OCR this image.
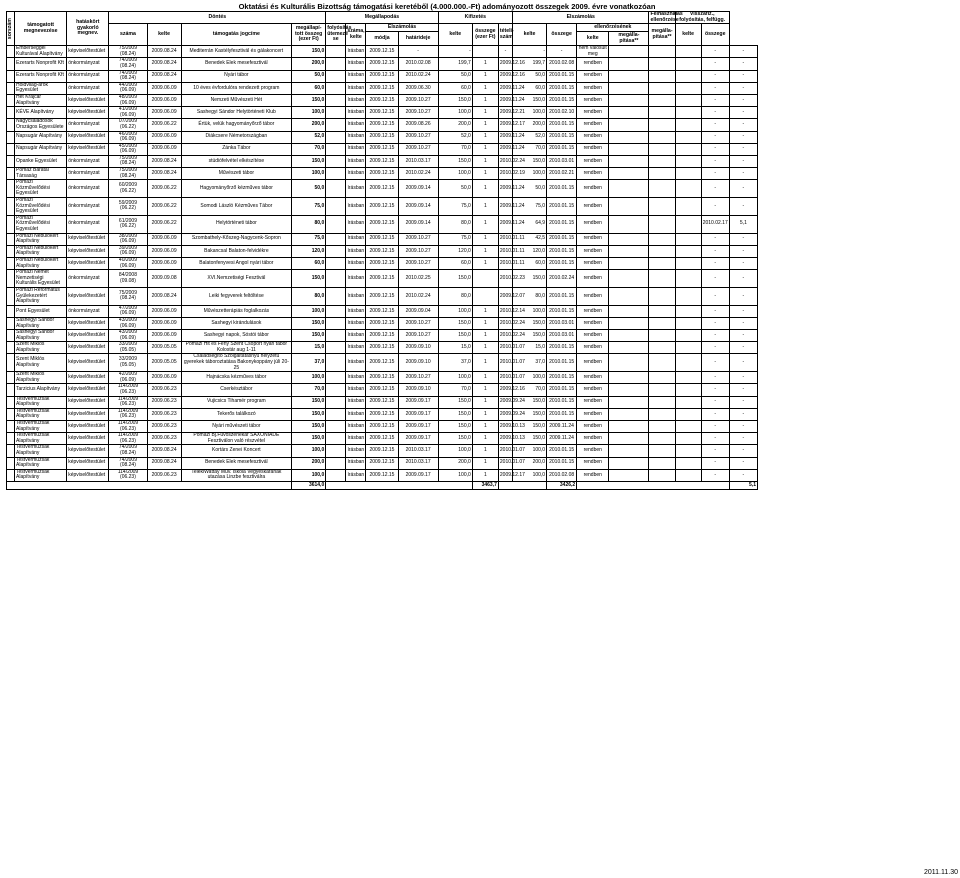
Oktatási és Kulturális Bizottság támogatási keretéből (4.000.000.-Ft) adományozott összegek 2009. évre vonatkozóan
sorszám	támogatott megnevezése	hatáskört gyakorló megnev.	Döntés				Megállapodás				Kifizetés			Elszámolás				Felhasználás ellenőrzése	Visszafiz., folyósítás, felfügg.		
			száma	kelte	támogatás jogcíme	megállapí-tott összeg (ezer Ft)	folyósítás ütemezé se	száma, kelte	Elszámolás		kelte	összege (ezer Ft)	tételi- szám	kelte	összege	ellenőrzésének		megálla- pítása**	kelte	összege	
									módja	határideje						kelte	megálla- pítása**				
	Emberséggel Kulturával Alapítvány	képviselőtestület	75/2009 (08.24)	2009.08.24	Mediterrán Kastélyfesztivál és gálakoncert	150,0		írásban	2009.12.15	-	-		-	-	-	nem valósult meg				-	-
	Ezerarts Nonprofit Kft	önkormányzat	74/2009 (08.24)	2009.08.24	Benedek Elek mesefesztivál	200,0		írásban	2009.12.15	2010.02.08	199,7	1	2009.12.16	199,7	2010.02.08	rendben				-	-
	Ezerarts Nonprofit Kft	önkormányzat	74/2009 (08.24)	2009.08.24	Nyári tábor	50,0		írásban	2009.12.15	2010.02.24	50,0	1	2009.12.16	50,0	2010.01.15	rendben				-	-
	Holdvilág-árok Egyesület	önkormányzat	44/2009 (06.09)	2009.06.09	10 éves évfordulóra rendezett program	60,0		írásban	2009.12.15	2009.06.30	60,0	1	2009.11.24	60,0	2010.01.15	rendben				-	-
	Hét Krajcár Alapítvány	képviselőtestület	48/2009 (06.09)	2009.06.09	Nemzeti Művészeti Hét	150,0		írásban	2009.12.15	2009.10.27	150,0	1	2009.11.24	150,0	2010.01.15	rendben				-	-
	KÉVE Alapítvány	képviselőtestület	41/2009 (06.09)	2009.06.09	Sashegyi Sándor Helytörténeti Klub	100,0		írásban	2009.12.15	2009.10.27	100,0	1	2009.12.21	100,0	2010.02.10	rendben				-	-
	Nagycsaládosok Országos Egyesülete	önkormányzat	07/2009 (06.22)	2009.06.22	Értük, velük hagyományőrző tábor	200,0		írásban	2009.12.15	2009.08.26	200,0	1	2009.12.17	200,0	2010.01.15	rendben				-	-
	Napsugár Alapítvány	képviselőtestület	46/2009 (06.09)	2009.06.09	Diákcsere Németországban	52,0		írásban	2009.12.15	2009.10.27	52,0	1	2009.11.24	52,0	2010.01.15	rendben				-	-
	Napsugár Alapítvány	képviselőtestület	45/2009 (06.09)	2009.06.09	Zánka Tábor	70,0		írásban	2009.12.15	2009.10.27	70,0	1	2009.11.24	70,0	2010.01.15	rendben				-	-
	Opanke Egyesület	önkormányzat	75/2009 (08.24)	2009.08.24	stúdiófelvétel elkészítése	150,0		írásban	2009.12.15	2010.03.17	150,0	1	2010.02.24	150,0	2010.03.01	rendben				-	-
	Pomáz Barátai Társaság	önkormányzat	75/2009 (08.24)	2009.08.24	Művészeti tábor	100,0		írásban	2009.12.15	2010.02.24	100,0	1	2010.02.19	100,0	2010.02.21	rendben				-	-
	Pomázi Közművelődési Egyesület	önkormányzat	60/2009 (06.22)	2009.06.22	Hagyományőrző kézműves tábor	50,0		írásban	2009.12.15	2009.09.14	50,0	1	2009.11.24	50,0	2010.01.15	rendben				-	-
	Pomázi Közművelődési Egyesület	önkormányzat	59/2009 (06.22)	2009.06.22	Somodi László Kézműves Tábor	75,0		írásban	2009.12.15	2009.09.14	75,0	1	2009.11.24	75,0	2010.01.15	rendben				-	-
	Pomázi Közművelődési Egyesület	önkormányzat	61/2009 (06.22)	2009.06.22	Helytörténeti tábor	80,0		írásban	2009.12.15	2009.09.14	80,0	1	2009.11.24	64,9	2010.01.15	rendben				2010.02.17	5,1
	Pomázi Nebulókért Alapítvány	képviselőtestület	38/2009 (06.09)	2009.06.09	Szombathely-Kőszeg-Nagycenk-Sopron	75,0		írásban	2009.12.15	2009.10.27	75,0	1	2010.01.11	42,5	2010.01.15	rendben				-	-
	Pomázi Nebulókért Alapítvány	képviselőtestület	39/2009 (06.09)	2009.06.09	Bakancsal Balaton-felvidékre	120,0		írásban	2009.12.15	2009.10.27	120,0	1	2010.01.11	120,0	2010.01.15	rendben				-	-
	Pomázi Nebulókért Alapítvány	képviselőtestület	40/2009 (06.09)	2009.06.09	Balatonfenyvesi Angol nyári tábor	60,0		írásban	2009.12.15	2009.10.27	60,0	1	2010.01.11	60,0	2010.01.15	rendben				-	-
	Pomázi Német Nemzetiségi Kulturális Egyesület	önkormányzat	84/2008 (09.08)	2009.09.08	XVI.Nemzetiségi Fesztivál	150,0		írásban	2009.12.15	2010.02.25	150,0		2010.02.23	150,0	2010.02.24	rendben				-	-
	Pomázi Református Gyülekezetért Alapítvány	képviselőtestület	75/2009 (08.24)	2009.08.24	Leiki fegyverek feltöltése	80,0		írásban	2009.12.15	2010.02.24	80,0		2009.12.07	80,0	2010.01.15	rendben				-	-
	Pont Egyesület	önkormányzat	47/2009 (06.09)	2009.06.09	Művészetterápiás foglalkozás	100,0		írásban	2009.12.15	2009.09.04	100,0	1	2010.12.14	100,0	2010.01.15	rendben				-	-
	Sashegyi Sándor Alapítvány	képviselőtestület	43/2009 (06.09)	2009.06.09	Sashegyi kirándulások	150,0		írásban	2009.12.15	2009.10.27	150,0	1	2010.02.24	150,0	2010.03.01	rendben				-	-
	Sashegyi Sándor Alapítvány	képviselőtestület	43/2009 (06.09)	2009.06.09	Sashegyi napok, Sóstói tábor	150,0		írásban	2009.12.15	2009.10.27	150,0	1	2010.02.24	150,0	2010.03.01	rendben				-	-
	Szent Miklós Alapítvány	képviselőtestület	33/2009 (05.05)	2009.05.05	Pomázi Hit és Fény Szent Csoport nyári tábor Kolostár aug 1-11	15,0		írásban	2009.12.15	2009.09.10	15,0	1	2010.01.07	15,0	2010.01.15	rendben				-	-
	Szent Miklós Alapítvány	képviselőtestület	33/2009 (05.05)	2009.05.05	Családsegítő Szolgáltatásnyú helyzetű gyerekek táboroztatása Bakonykoppány júli 20-25	37,0		írásban	2009.12.15	2009.09.10	37,0	1	2010.01.07	37,0	2010.01.15	rendben				-	-
	Szent Miklós Alapítvány	képviselőtestület	42/2009 (06.09)	2009.06.09	Hajnácska kézműves tábor	100,0		írásban	2009.12.15	2009.10.27	100,0	1	2010.01.07	100,0	2010.01.15	rendben				-	-
	Tarzicius Alapítvány	képviselőtestület	114/2009 (06.23)	2009.06.23	Cserkésztábor	70,0		írásban	2009.12.15	2009.09.10	70,0	1	2009.12.16	70,0	2010.01.15	rendben				-	-
	Testvérmúzsák Alapítvány	képviselőtestület	114/2009 (06.23)	2009.06.23	Vujicsics Tihamér program	150,0		írásban	2009.12.15	2009.09.17	150,0	1	2009.09.24	150,0	2010.01.15	rendben				-	-
	Testvérmúzsák Alapítvány	képviselőtestület	114/2009 (06.23)	2009.06.23	Tekerős találkozó	150,0		írásban	2009.12.15	2009.09.17	150,0	1	2009.09.24	150,0	2010.01.15	rendben				-	-
	Testvérmúzsák Alapítvány	képviselőtestület	114/2009 (06.23)	2009.06.23	Nyári művészeti tábor	150,0		írásban	2009.12.15	2009.09.17	150,0	1	2009.10.13	150,0	2009.11.24	rendben				-	-
	Testvérmúzsák Alapítvány	képviselőtestület	114/2009 (06.23)	2009.06.23	Pomázi Bj.Fúvószenekar SAXONIADE Fesztiválon való részvétel	150,0		írásban	2009.12.15	2009.09.17	150,0	1	2009.10.13	150,0	2009.11.24	rendben				-	-
	Testvérmúzsák Alapítvány	képviselőtestület	74/2009 (08.24)	2009.08.24	Kortárs Zenei Koncert	100,0		írásban	2009.12.15	2010.03.17	100,0	1	2010.01.07	100,0	2010.01.15	rendben				-	-
	Testvérmúzsák Alapítvány	képviselőtestület	74/2009 (08.24)	2009.08.24	Benedek Elek mesefesztivál	200,0		írásban	2009.12.15	2010.03.17	200,0	1	2010.01.07	200,0	2010.01.15	rendben				-	-
	Testvérmúzsák Alapítvány	képviselőtestület	114/2009 (06.23)	2009.06.23	TelekiWattay Műv. Iskola Vegyeskarának utazása Linzbe fesztiválra	100,0		írásban	2009.12.15	2009.09.17	100,0	1	2009.12.17	100,0	2010.02.08	rendben				-	-
						3614,0						3463,7			3426,2						5,1
2011.11.30
